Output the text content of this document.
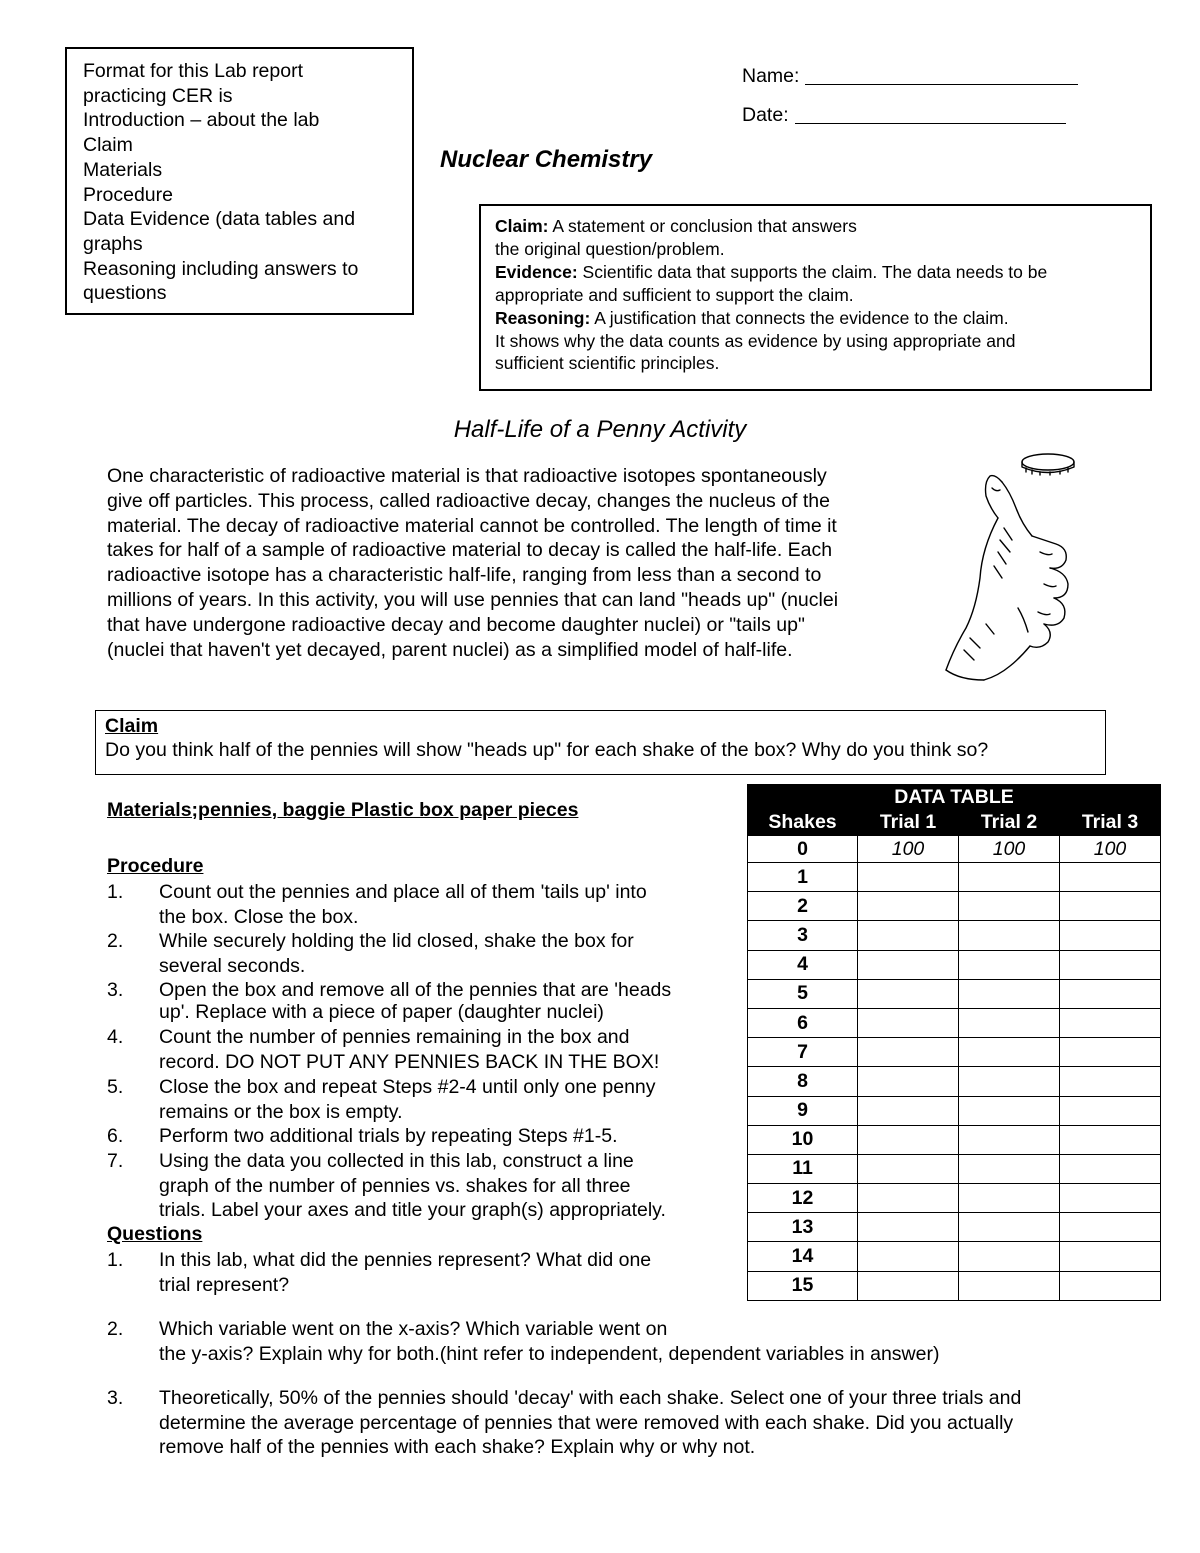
Format for this Lab report
practicing CER is
Introduction – about the lab
Claim
Materials
Procedure
Data Evidence (data tables and
graphs
Reasoning including answers to
questions
Name:
Date:
Nuclear Chemistry
Claim: A statement or conclusion that answers
the original question/problem.
Evidence: Scientific data that supports the claim. The data needs to be
appropriate and sufficient to support the claim.
Reasoning: A justification that connects the evidence to the claim.
It shows why the data counts as evidence by using appropriate and
sufficient scientific principles.
Half-Life of a Penny Activity
One characteristic of radioactive material is that radioactive isotopes spontaneously
give off particles. This process, called radioactive decay, changes the nucleus of the
material. The decay of radioactive material cannot be controlled. The length of time it
takes for half of a sample of radioactive material to decay is called the half-life. Each
radioactive isotope has a characteristic half-life, ranging from less than a second to
millions of years. In this activity, you will use pennies that can land "heads up" (nuclei
that have undergone radioactive decay and become daughter nuclei) or "tails up"
(nuclei that haven't yet decayed, parent nuclei) as a simplified model of half-life.
Claim
Do you think half of the pennies will show "heads up" for each shake of the box? Why do you think so?
Materials;pennies, baggie Plastic box paper pieces
Procedure
1. Count out the pennies and place all of them 'tails up' into
the box. Close the box.
2. While securely holding the lid closed, shake the box for
several seconds.
3. Open the box and remove all of the pennies that are 'heads
up'. Replace with a piece of paper (daughter nuclei)
4. Count the number of pennies remaining in the box and
record. DO NOT PUT ANY PENNIES BACK IN THE BOX!
5. Close the box and repeat Steps #2-4 until only one penny
remains or the box is empty.
6. Perform two additional trials by repeating Steps #1-5.
7. Using the data you collected in this lab, construct a line
graph of the number of pennies vs. shakes for all three
trials. Label your axes and title your graph(s) appropriately.
Questions
1. In this lab, what did the pennies represent? What did one
trial represent?
2. Which variable went on the x-axis? Which variable went on
the y-axis? Explain why for both.(hint refer to independent, dependent variables in answer)
3. Theoretically, 50% of the pennies should 'decay' with each shake. Select one of your three trials and
determine the average percentage of pennies that were removed with each shake. Did you actually
remove half of the pennies with each shake? Explain why or why not.
DATA TABLE			
Shakes	Trial 1	Trial 2	Trial 3
0	100	100	100
1			
2			
3			
4			
5			
6			
7			
8			
9			
10			
11			
12			
13			
14			
15			
